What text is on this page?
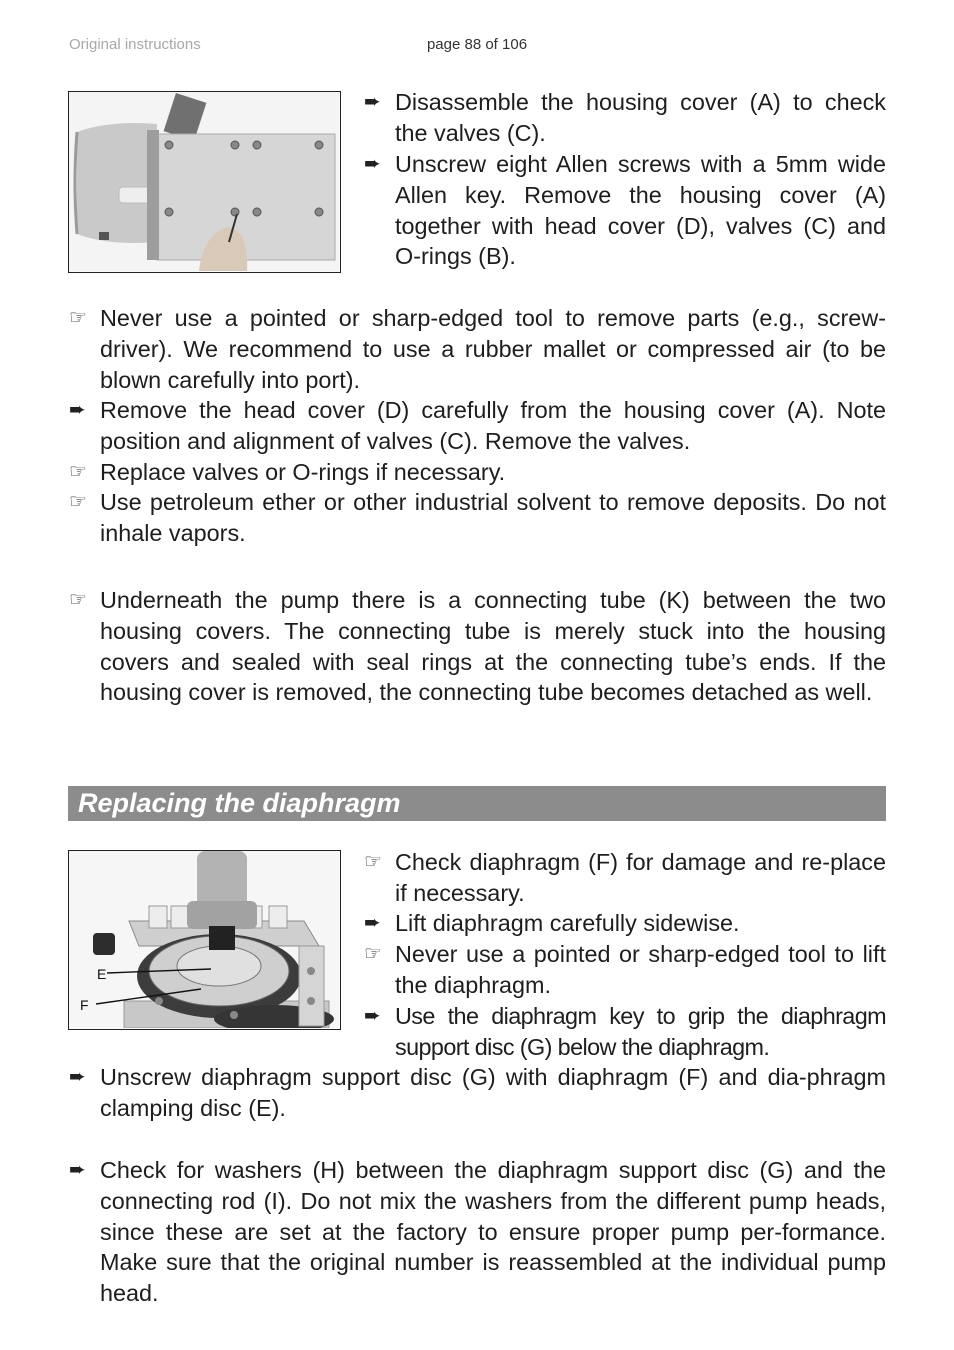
Original instructions	page 88 of 106
➨ Disassemble the housing cover (A) to check the valves (C).
➨ Unscrew eight Allen screws with a 5mm wide Allen key. Remove the housing cover (A) together with head cover (D), valves (C) and O-rings (B).
☞ Never use a pointed or sharp-edged tool to remove parts (e.g., screw-driver). We recommend to use a rubber mallet or compressed air (to be blown carefully into port).
➨ Remove the head cover (D) carefully from the housing cover (A). Note position and alignment of valves (C). Remove the valves.
☞ Replace valves or O-rings if necessary.
☞ Use petroleum ether or other industrial solvent to remove deposits. Do not inhale vapors.
☞ Underneath the pump there is a connecting tube (K) between the two housing covers. The connecting tube is merely stuck into the housing covers and sealed with seal rings at the connecting tube’s ends. If the housing cover is removed, the connecting tube becomes detached as well.
Replacing the diaphragm
E
F
☞ Check diaphragm (F) for damage and re-place if necessary.
➨ Lift diaphragm carefully sidewise.
☞ Never use a pointed or sharp-edged tool to lift the diaphragm.
➨ Use the diaphragm key to grip the diaphragm support disc (G) below the diaphragm.
➨ Unscrew diaphragm support disc (G) with diaphragm (F) and dia-phragm clamping disc (E).
➨ Check for washers (H) between the diaphragm support disc (G) and the connecting rod (I). Do not mix the washers from the different pump heads, since these are set at the factory to ensure proper pump per-formance. Make sure that the original number is reassembled at the individual pump head.
